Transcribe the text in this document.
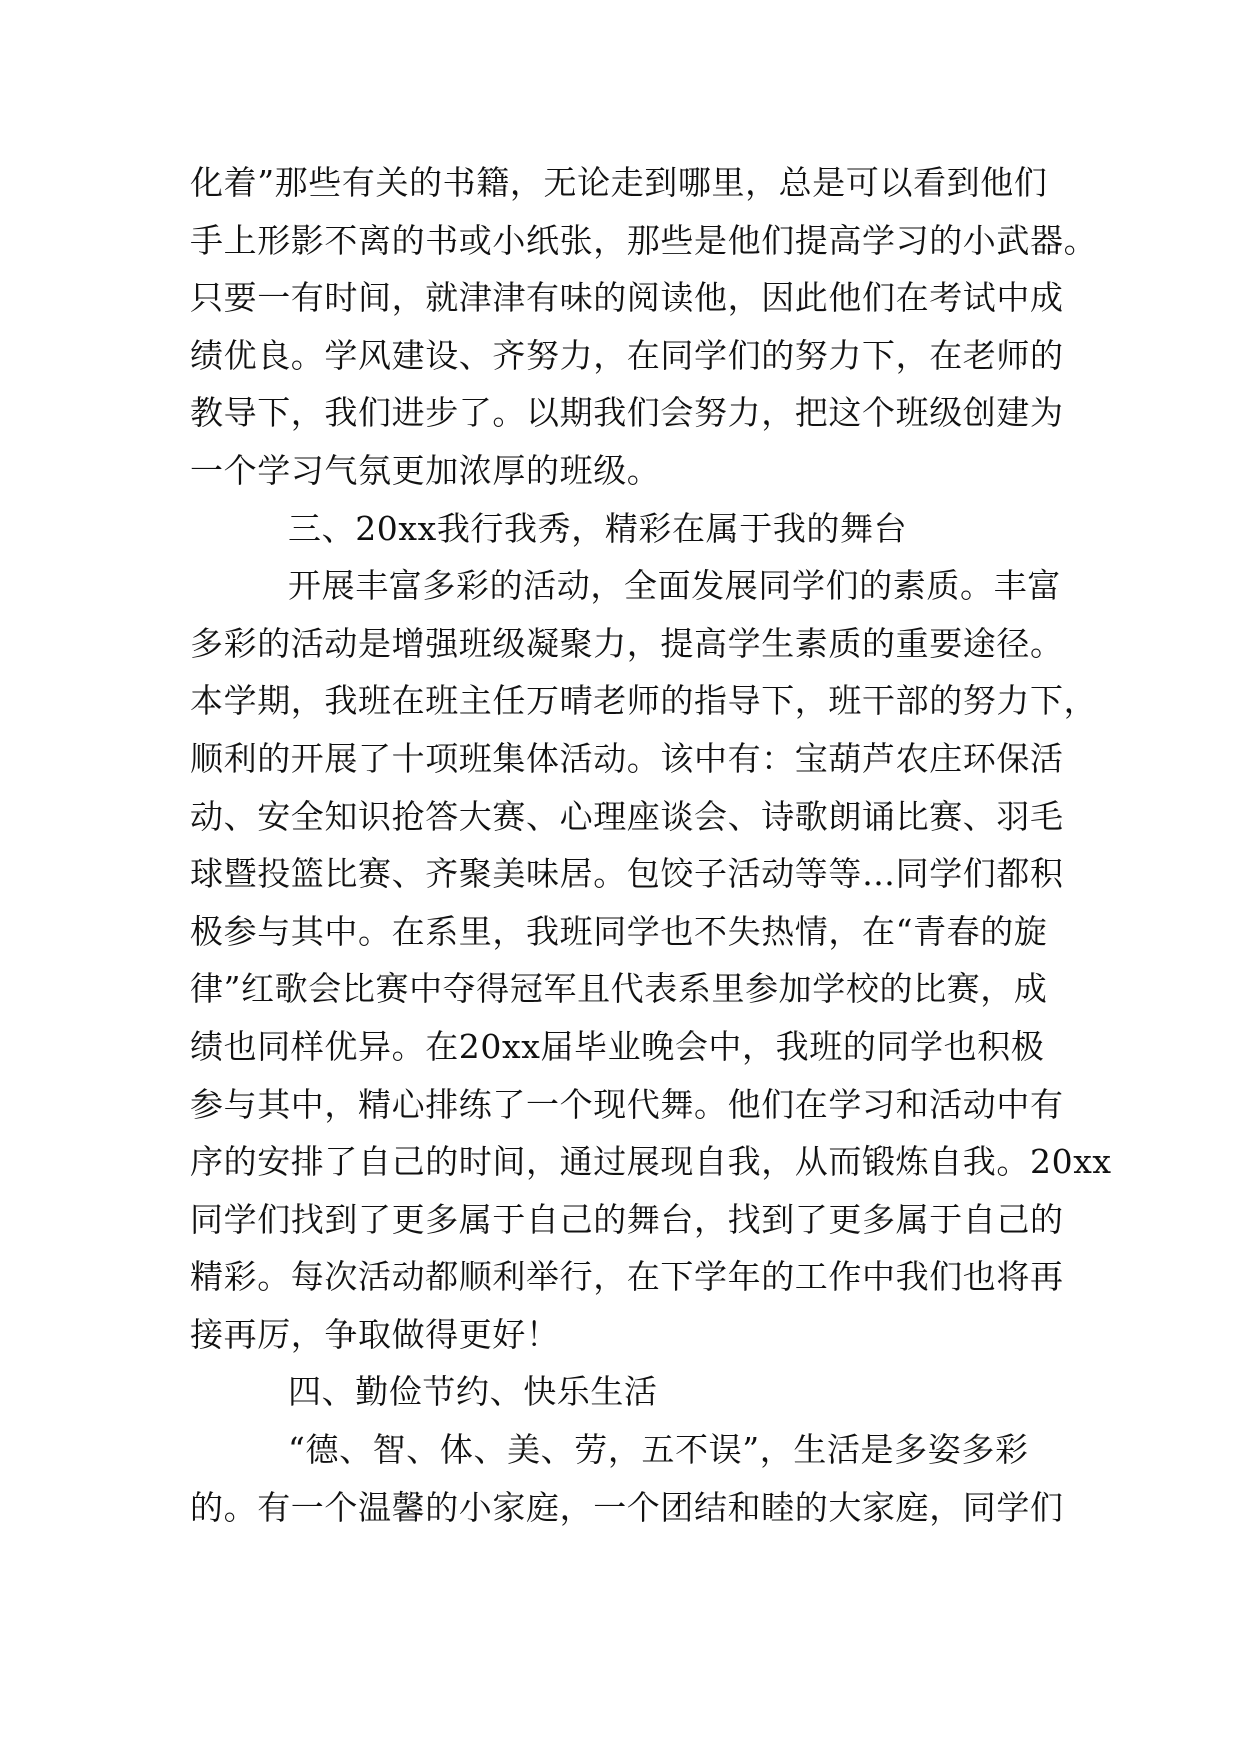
化着”那些有关的书籍，无论走到哪里，总是可以看到他们
手上形影不离的书或小纸张，那些是他们提高学习的小武器。
只要一有时间，就津津有味的阅读他，因此他们在考试中成
绩优良。学风建设、齐努力，在同学们的努力下，在老师的
教导下，我们进步了。以期我们会努力，把这个班级创建为
一个学习气氛更加浓厚的班级。
三、20xx我行我秀，精彩在属于我的舞台
开展丰富多彩的活动，全面发展同学们的素质。丰富
多彩的活动是增强班级凝聚力，提高学生素质的重要途径。
本学期，我班在班主任万晴老师的指导下，班干部的努力下，
顺利的开展了十项班集体活动。该中有：宝葫芦农庄环保活
动、安全知识抢答大赛、心理座谈会、诗歌朗诵比赛、羽毛
球暨投篮比赛、齐聚美味居。包饺子活动等等…同学们都积
极参与其中。在系里，我班同学也不失热情，在“青春的旋
律”红歌会比赛中夺得冠军且代表系里参加学校的比赛，成
绩也同样优异。在20xx届毕业晚会中，我班的同学也积极
参与其中，精心排练了一个现代舞。他们在学习和活动中有
序的安排了自己的时间，通过展现自我，从而锻炼自我。20xx
同学们找到了更多属于自己的舞台，找到了更多属于自己的
精彩。每次活动都顺利举行，在下学年的工作中我们也将再
接再厉，争取做得更好！
四、勤俭节约、快乐生活
“德、智、体、美、劳，五不误”，生活是多姿多彩
的。有一个温馨的小家庭，一个团结和睦的大家庭，同学们
